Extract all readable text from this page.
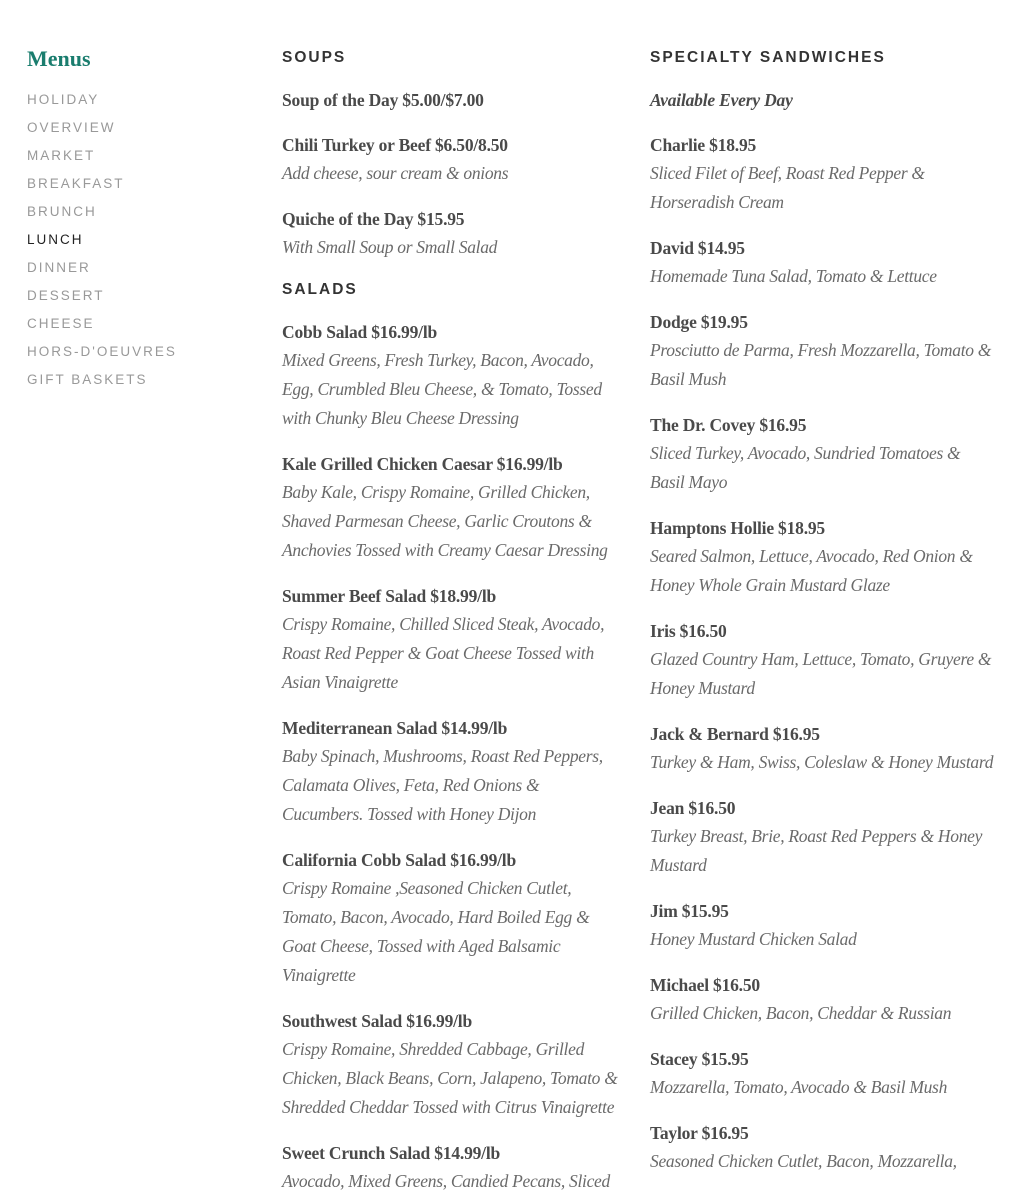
Menus
HOLIDAY
OVERVIEW
MARKET
BREAKFAST
BRUNCH
LUNCH
DINNER
DESSERT
CHEESE
HORS-D'OEUVRES
GIFT BASKETS
SOUPS

Soup of the Day $5.00/$7.00

Chili Turkey or Beef $6.50/8.50

Add cheese, sour cream & onions

Quiche of the Day $15.95

With Small Soup or Small Salad

SALADS

Cobb Salad $16.99/lb

Mixed Greens, Fresh Turkey, Bacon, Avocado, Egg, Crumbled Bleu Cheese, & Tomato, Tossed with Chunky Bleu Cheese Dressing

Kale Grilled Chicken Caesar $16.99/lb

Baby Kale, Crispy Romaine, Grilled Chicken, Shaved Parmesan Cheese, Garlic Croutons & Anchovies Tossed with Creamy Caesar Dressing

Summer Beef Salad $18.99/lb

Crispy Romaine, Chilled Sliced Steak, Avocado, Roast Red Pepper & Goat Cheese Tossed with Asian Vinaigrette

Mediterranean Salad $14.99/lb

Baby Spinach, Mushrooms, Roast Red Peppers, Calamata Olives, Feta, Red Onions & Cucumbers. Tossed with Honey Dijon

California Cobb Salad $16.99/lb

Crispy Romaine ,Seasoned Chicken Cutlet, Tomato, Bacon, Avocado, Hard Boiled Egg & Goat Cheese, Tossed with Aged Balsamic Vinaigrette

Southwest Salad $16.99/lb

Crispy Romaine, Shredded Cabbage, Grilled Chicken, Black Beans, Corn, Jalapeno, Tomato & Shredded Cheddar Tossed with Citrus Vinaigrette

Sweet Crunch Salad $14.99/lb

Avocado, Mixed Greens, Candied Pecans, Sliced

SPECIALTY SANDWICHES

Available Every Day

Charlie $18.95

Sliced Filet of Beef, Roast Red Pepper & Horseradish Cream

David $14.95

Homemade Tuna Salad, Tomato & Lettuce

Dodge $19.95

Prosciutto de Parma, Fresh Mozzarella, Tomato & Basil Mush

The Dr. Covey $16.95

Sliced Turkey, Avocado, Sundried Tomatoes & Basil Mayo

Hamptons Hollie $18.95

Seared Salmon, Lettuce, Avocado, Red Onion & Honey Whole Grain Mustard Glaze

Iris $16.50

Glazed Country Ham, Lettuce, Tomato, Gruyere & Honey Mustard

Jack & Bernard $16.95

Turkey & Ham, Swiss, Coleslaw & Honey Mustard

Jean $16.50

Turkey Breast, Brie, Roast Red Peppers & Honey Mustard

Jim $15.95

Honey Mustard Chicken Salad

Michael $16.50

Grilled Chicken, Bacon, Cheddar & Russian

Stacey $15.95

Mozzarella, Tomato, Avocado & Basil Mush

Taylor $16.95

Seasoned Chicken Cutlet, Bacon, Mozzarella,
